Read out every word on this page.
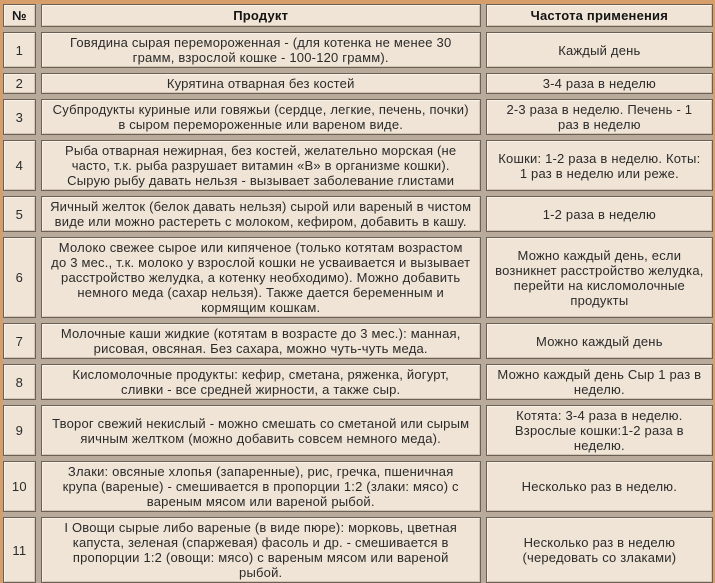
№	Продукт	Частота применения
1	Говядина сырая перемороженная - (для котенка не менее 30 грамм, взрослой кошке - 100-120 грамм).	Каждый день
2	Курятина отварная без костей	3-4 раза в неделю
3	Субпродукты куриные или говяжьи (сердце, легкие, печень, почки) в сыром перемороженные или вареном виде.	2-3 раза в неделю. Печень - 1 раз в неделю
4	Рыба отварная нежирная, без костей, желательно морская (не часто, т.к. рыба разрушает витамин «В» в организме кошки). Сырую рыбу давать нельзя - вызывает заболевание глистами	Кошки: 1-2 раза в неделю. Коты: 1 раз в неделю или реже.
5	Яичный желток (белок давать нельзя) сырой или вареный в чистом виде или можно растереть с молоком, кефиром, добавить в кашу.	1-2 раза в неделю
6	Молоко свежее сырое или кипяченое (только котятам возрастом до 3 мес., т.к. молоко у взрослой кошки не усваивается и вызывает расстройство желудка, а котенку необходимо). Можно добавить немного меда (сахар нельзя). Также дается беременным и кормящим кошкам.	Можно каждый день, если возникнет расстройство желудка, перейти на кисломолочные продукты
7	Молочные каши жидкие (котятам в возрасте до 3 мес.): манная, рисовая, овсяная. Без сахара, можно чуть-чуть меда.	Можно каждый день
8	Кисломолочные продукты: кефир, сметана, ряженка, йогурт, сливки - все средней жирности, а также сыр.	Можно каждый день Сыр 1 раз в неделю.
9	Творог свежий некислый - можно смешать со сметаной или сырым яичным желтком (можно добавить совсем немного меда).	Котята: 3-4 раза в неделю. Взрослые кошки:1-2 раза в неделю.
10	Злаки: овсяные хлопья (запаренные), рис, гречка, пшеничная крупа (вареные) - смешивается в пропорции 1:2 (злаки: мясо) с вареным мясом или вареной рыбой.	Несколько раз в неделю.
11	I Овощи сырые либо вареные (в виде пюре): морковь, цветная капуста, зеленая (спаржевая) фасоль и др. - смешивается в пропорции 1:2 (овощи: мясо) с вареным мясом или вареной рыбой.	Несколько раз в неделю (чередовать со злаками)
